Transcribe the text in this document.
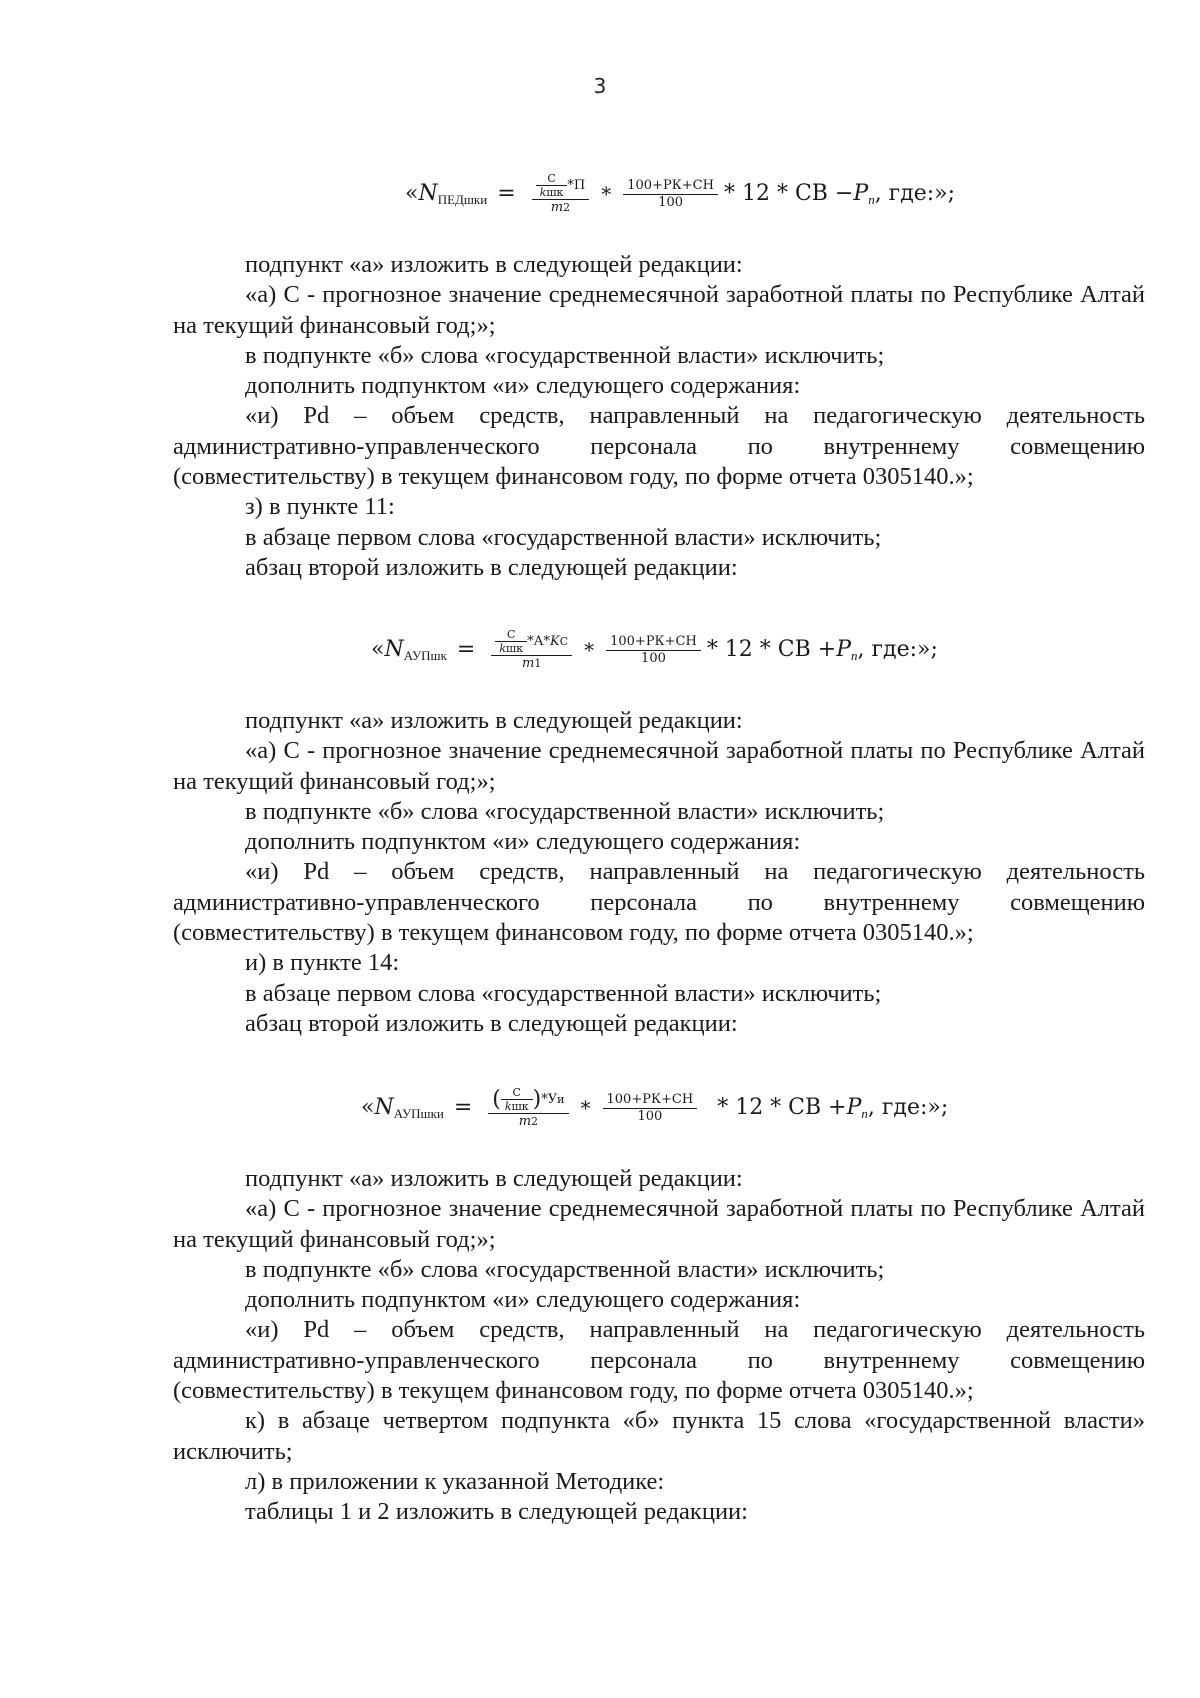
3
« N ПЕДшки = $\frac{\frac{С}{\text{kшк}} *П}{m2} * \frac{100+РК+СН}{100} * 12$ * СВ − P n , где:»;

подпункт «а» изложить в следующей редакции:

«а) С - прогнозное значение среднемесячной заработной платы по Республике Алтай на текущий финансовый год;»;

в подпункте «б» слова «государственной власти» исключить;

дополнить подпунктом «и» следующего содержания:

«и) Pd – объем средств, направленный на педагогическую деятельность административно-управленческого персонала по внутреннему совмещению (совместительству) в текущем финансовом году, по форме отчета 0305140.»;

з) в пункте 11:

в абзаце первом слова «государственной власти» исключить;

абзац второй изложить в следующей редакции:

« N АУПшк = $\frac{\frac{С}{\text{kшк}} *А*KС}{m1} * \frac{100+РК+СН}{100} * 12$ * СВ + P n , где:»;

подпункт «а» изложить в следующей редакции:

«а) С - прогнозное значение среднемесячной заработной платы по Республике Алтай на текущий финансовый год;»;

в подпункте «б» слова «государственной власти» исключить;

дополнить подпунктом «и» следующего содержания:

«и) Pd – объем средств, направленный на педагогическую деятельность административно-управленческого персонала по внутреннему совмещению (совместительству) в текущем финансовом году, по форме отчета 0305140.»;

и) в пункте 14:

в абзаце первом слова «государственной власти» исключить;

абзац второй изложить в следующей редакции:

« N АУПшки = ( $\frac{С}{\text{kшк}}$ ) *У и
m2
* $\frac{100+РК+СН}{100} * 12$ * СВ + P n , где:»;

подпункт «а» изложить в следующей редакции:

«а) С - прогнозное значение среднемесячной заработной платы по Республике Алтай на текущий финансовый год;»;

в подпункте «б» слова «государственной власти» исключить;

дополнить подпунктом «и» следующего содержания:

«и) Pd – объем средств, направленный на педагогическую деятельность административно-управленческого персонала по внутреннему совмещению (совместительству) в текущем финансовом году, по форме отчета 0305140.»;

к) в абзаце четвертом подпункта «б» пункта 15 слова «государственной власти» исключить;

л) в приложении к указанной Методике:

таблицы 1 и 2 изложить в следующей редакции:
